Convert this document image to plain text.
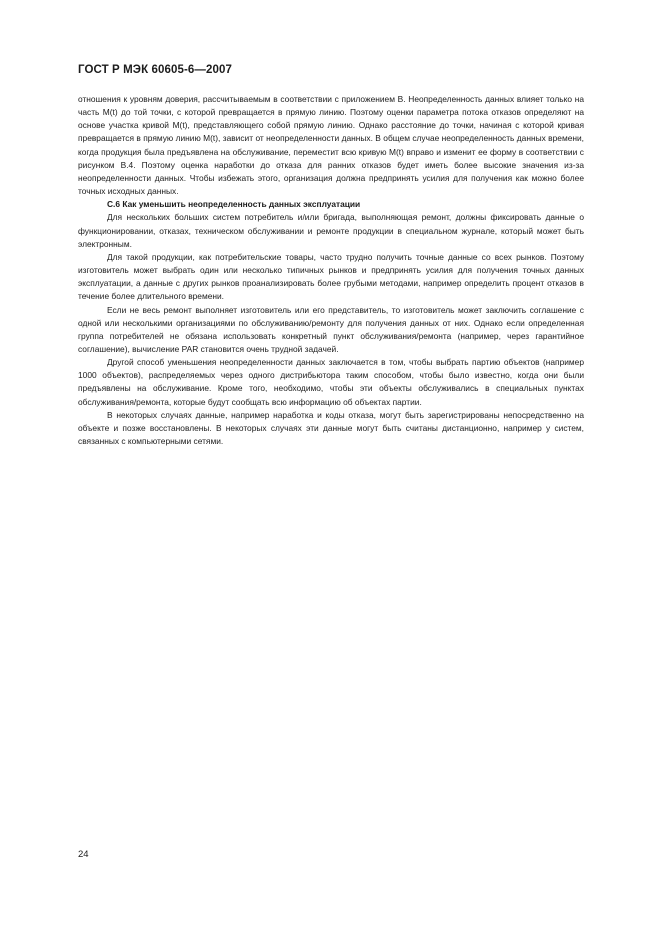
ГОСТ Р МЭК 60605-6—2007

отношения к уровням доверия, рассчитываемым в соответствии с приложением В. Неопределенность данных влияет только на часть M(t) до той точки, с которой превращается в прямую линию. Поэтому оценки параметра потока отказов определяют на основе участка кривой M(t), представляющего собой прямую линию. Однако расстояние до точки, начиная с которой кривая превращается в прямую линию M(t), зависит от неопределенности данных. В общем случае неопределенность данных времени, когда продукция была предъявлена на обслуживание, переместит всю кривую M(t) вправо и изменит ее форму в соответствии с рисунком В.4. Поэтому оценка наработки до отказа для ранних отказов будет иметь более высокие значения из-за неопределенности данных. Чтобы избежать этого, организация должна предпринять усилия для получения как можно более точных исходных данных.

С.6 Как уменьшить неопределенность данных эксплуатации

Для нескольких больших систем потребитель и/или бригада, выполняющая ремонт, должны фиксировать данные о функционировании, отказах, техническом обслуживании и ремонте продукции в специальном журнале, который может быть электронным.

Для такой продукции, как потребительские товары, часто трудно получить точные данные со всех рынков. Поэтому изготовитель может выбрать один или несколько типичных рынков и предпринять усилия для получения точных данных эксплуатации, а данные с других рынков проанализировать более грубыми методами, например определить процент отказов в течение более длительного времени.

Если не весь ремонт выполняет изготовитель или его представитель, то изготовитель может заключить соглашение с одной или несколькими организациями по обслуживанию/ремонту для получения данных от них. Однако если определенная группа потребителей не обязана использовать конкретный пункт обслуживания/ремонта (например, через гарантийное соглашение), вычисление PAR становится очень трудной задачей.

Другой способ уменьшения неопределенности данных заключается в том, чтобы выбрать партию объектов (например 1000 объектов), распределяемых через одного дистрибьютора таким способом, чтобы было известно, когда они были предъявлены на обслуживание. Кроме того, необходимо, чтобы эти объекты обслуживались в специальных пунктах обслуживания/ремонта, которые будут сообщать всю информацию об объектах партии.

В некоторых случаях данные, например наработка и коды отказа, могут быть зарегистрированы непосредственно на объекте и позже восстановлены. В некоторых случаях эти данные могут быть считаны дистанционно, например у систем, связанных с компьютерными сетями.

24
